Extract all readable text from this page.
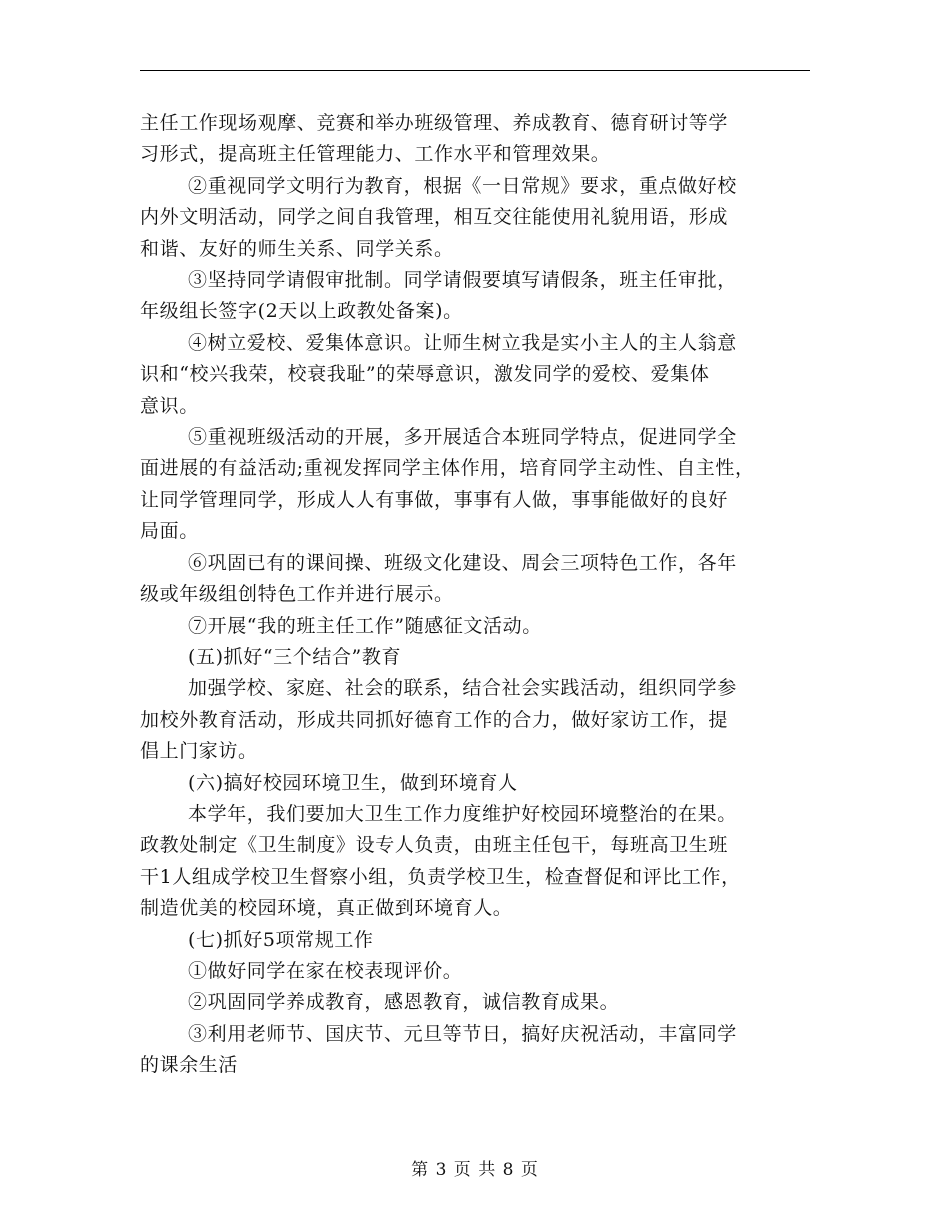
主任工作现场观摩、竞赛和举办班级管理、养成教育、德育研讨等学
习形式，提高班主任管理能力、工作水平和管理效果。
②重视同学文明行为教育，根据《一日常规》要求，重点做好校
内外文明活动，同学之间自我管理，相互交往能使用礼貌用语，形成
和谐、友好的师生关系、同学关系。
③坚持同学请假审批制。同学请假要填写请假条，班主任审批，
年级组长签字(2天以上政教处备案)。
④树立爱校、爱集体意识。让师生树立我是实小主人的主人翁意
识和“校兴我荣，校衰我耻”的荣辱意识，激发同学的爱校、爱集体
意识。
⑤重视班级活动的开展，多开展适合本班同学特点，促进同学全
面进展的有益活动;重视发挥同学主体作用，培育同学主动性、自主性，
让同学管理同学，形成人人有事做，事事有人做，事事能做好的良好
局面。
⑥巩固已有的课间操、班级文化建设、周会三项特色工作，各年
级或年级组创特色工作并进行展示。
⑦开展“我的班主任工作”随感征文活动。
(五)抓好“三个结合”教育
加强学校、家庭、社会的联系，结合社会实践活动，组织同学参
加校外教育活动，形成共同抓好德育工作的合力，做好家访工作，提
倡上门家访。
(六)搞好校园环境卫生，做到环境育人
本学年，我们要加大卫生工作力度维护好校园环境整治的在果。
政教处制定《卫生制度》设专人负责，由班主任包干，每班高卫生班
干1人组成学校卫生督察小组，负责学校卫生，检查督促和评比工作，
制造优美的校园环境，真正做到环境育人。
(七)抓好5项常规工作
①做好同学在家在校表现评价。
②巩固同学养成教育，感恩教育，诚信教育成果。
③利用老师节、国庆节、元旦等节日，搞好庆祝活动，丰富同学
的课余生活
第 3 页 共 8 页
